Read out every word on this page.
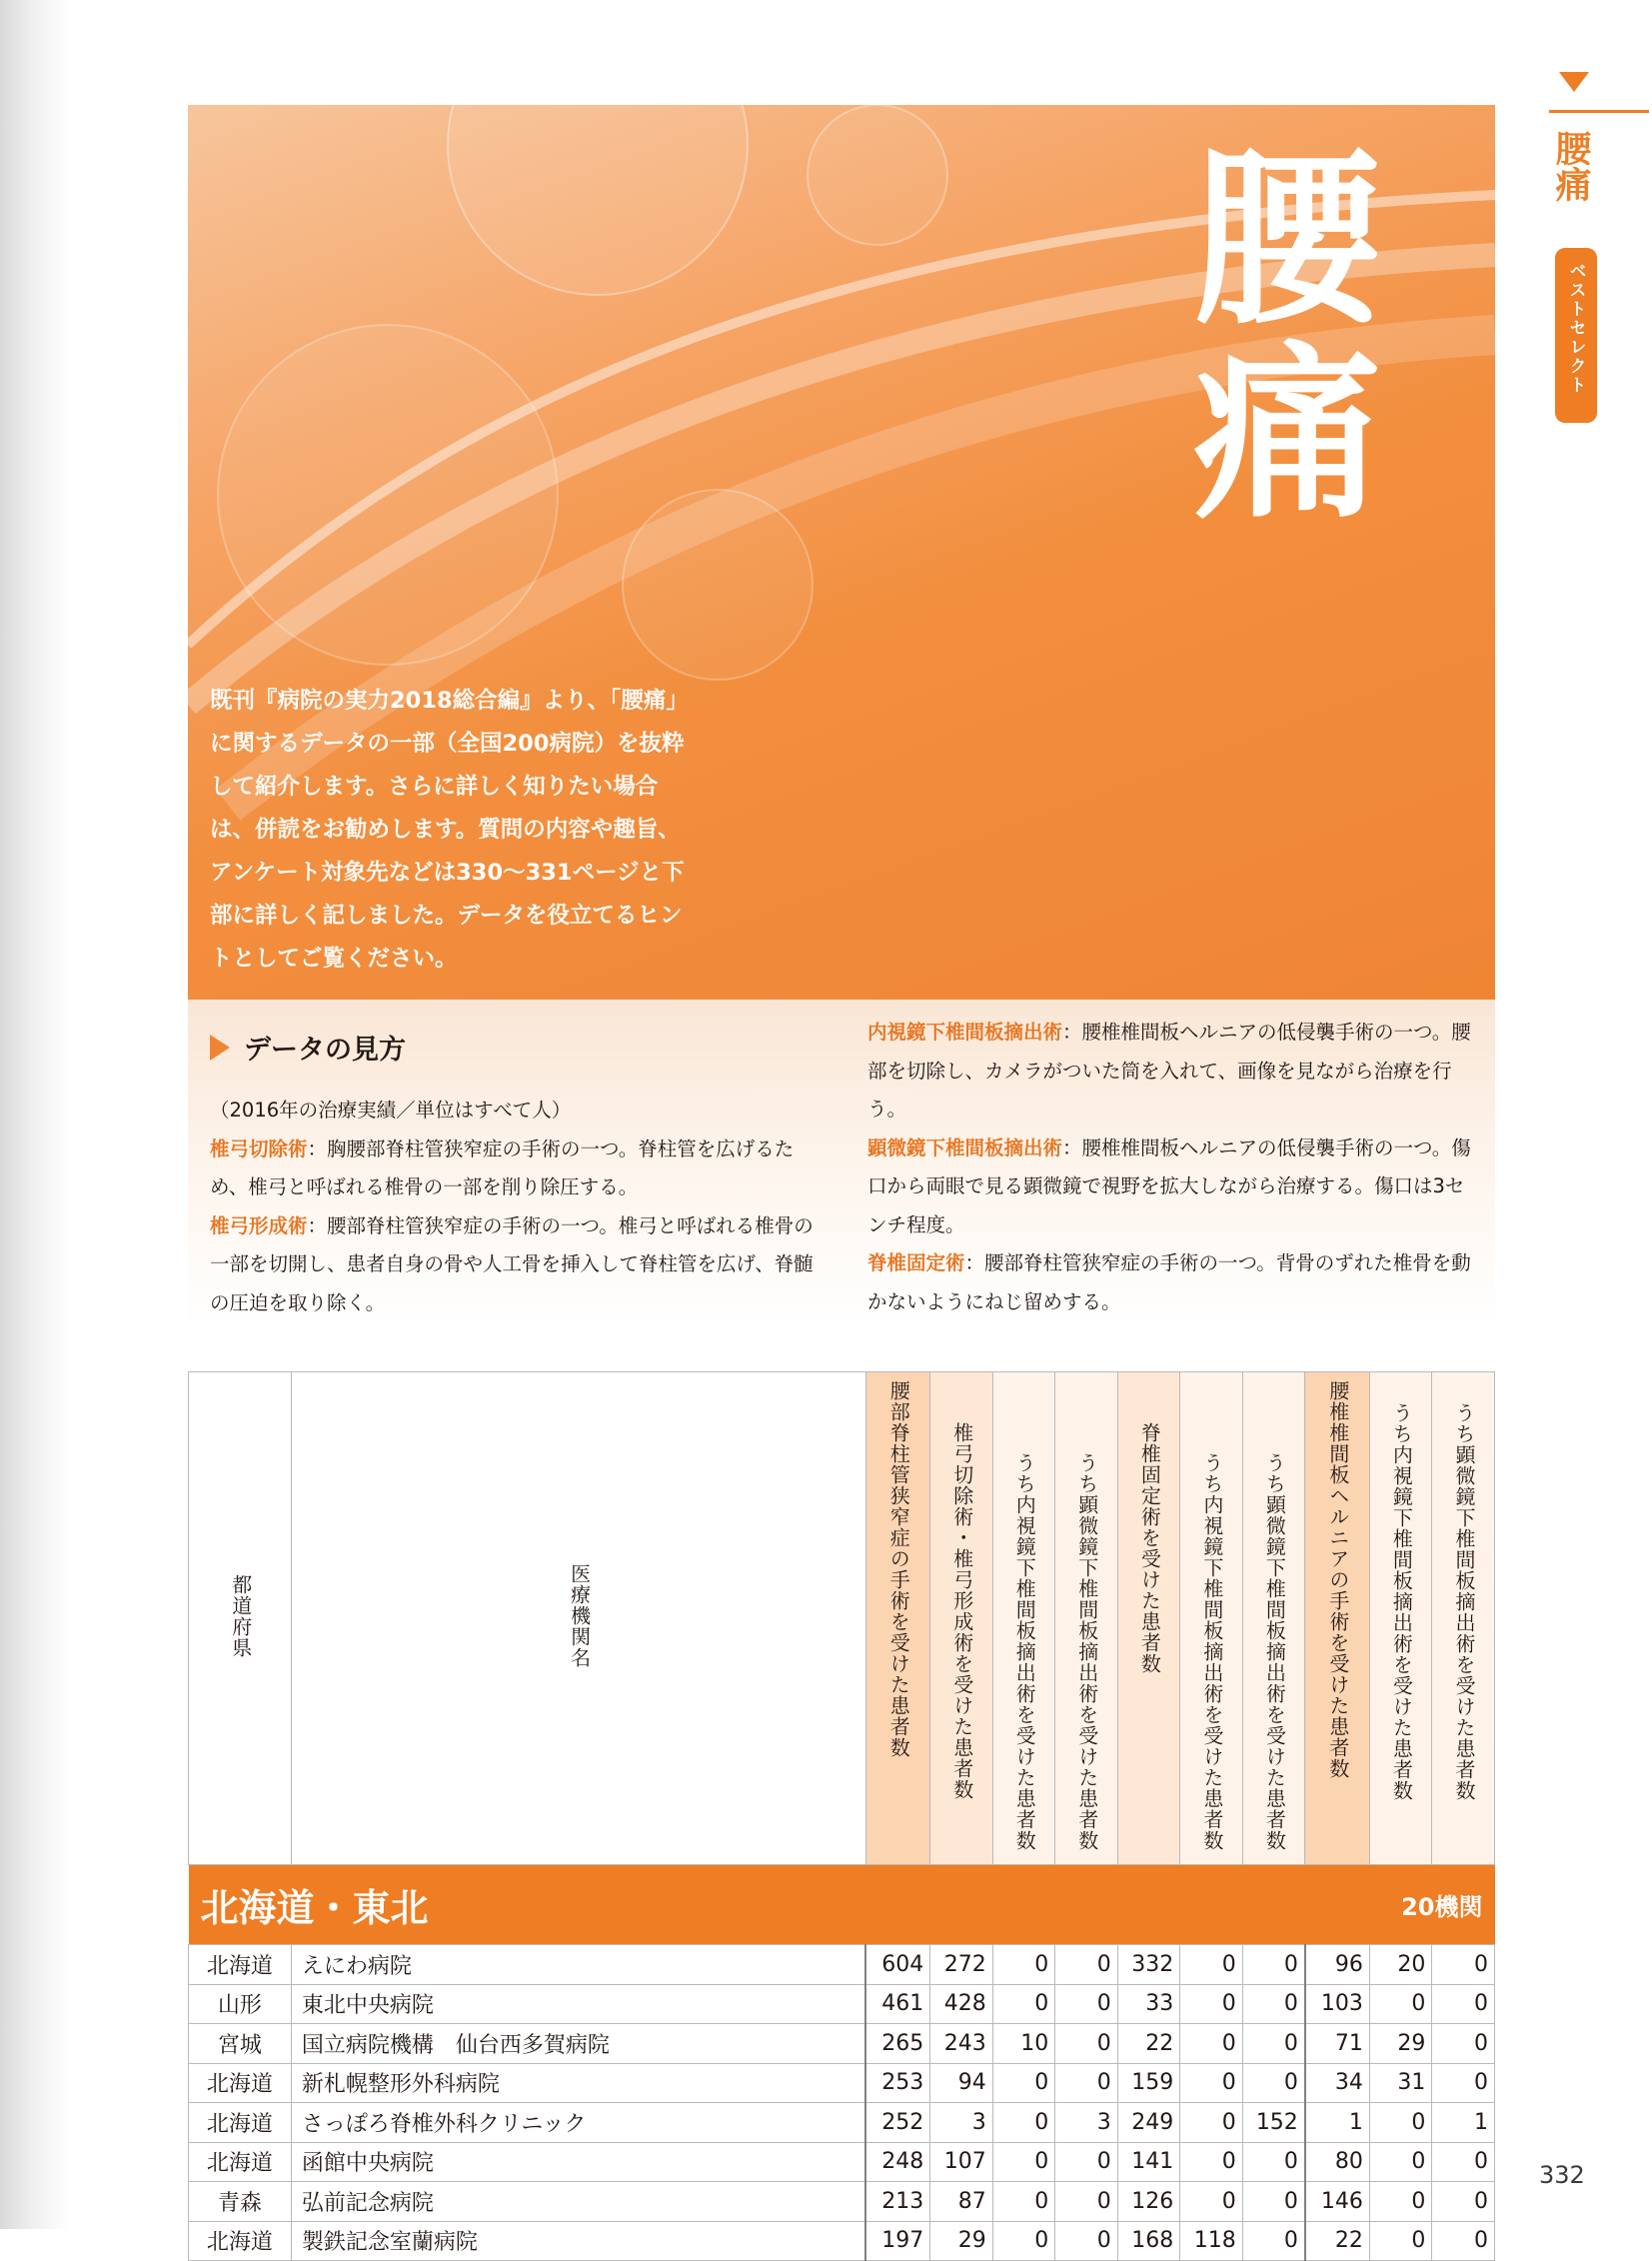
腰痛

既刊『病院の実力2018総合編』より、「腰痛」に関するデータの一部（全国200病院）を抜粋して紹介します。さらに詳しく知りたい場合は、併読をお勧めします。質問の内容や趣旨、アンケート対象先などは330〜331ページと下部に詳しく記しました。データを役立てるヒントとしてご覧ください。

データの見方
（2016年の治療実績／単位はすべて人）
椎弓切除術：胸腰部脊柱管狭窄症の手術の一つ。脊柱管を広げるため、椎弓と呼ばれる椎骨の一部を削り除圧する。
椎弓形成術：腰部脊柱管狭窄症の手術の一つ。椎弓と呼ばれる椎骨の一部を切開し、患者自身の骨や人工骨を挿入して脊柱管を広げ、脊髄の圧迫を取り除く。
内視鏡下椎間板摘出術：腰椎椎間板ヘルニアの低侵襲手術の一つ。腰部を切除し、カメラがついた筒を入れて、画像を見ながら治療を行う。
顕微鏡下椎間板摘出術：腰椎椎間板ヘルニアの低侵襲手術の一つ。傷口から両眼で見る顕微鏡で視野を拡大しながら治療する。傷口は3センチ程度。
脊椎固定術：腰部脊柱管狭窄症の手術の一つ。背骨のずれた椎骨を動かないようにねじ留めする。
都道府県	医療機関名	腰部脊柱管狭窄症の手術を受けた患者数	椎弓切除術・椎弓形成術を受けた患者数	うち内視鏡下椎間板摘出術を受けた患者数	うち顕微鏡下椎間板摘出術を受けた患者数	脊椎固定術を受けた患者数	うち内視鏡下椎間板摘出術を受けた患者数	うち顕微鏡下椎間板摘出術を受けた患者数	腰椎椎間板ヘルニアの手術を受けた患者数	うち内視鏡下椎間板摘出術を受けた患者数	うち顕微鏡下椎間板摘出術を受けた患者数
北海道・東北									20機関		
北海道	えにわ病院	604	272	0	0	332	0	0	96	20	0
山形	東北中央病院	461	428	0	0	33	0	0	103	0	0
宮城	国立病院機構　仙台西多賀病院	265	243	10	0	22	0	0	71	29	0
北海道	新札幌整形外科病院	253	94	0	0	159	0	0	34	31	0
北海道	さっぽろ脊椎外科クリニック	252	3	0	3	249	0	152	1	0	1
北海道	函館中央病院	248	107	0	0	141	0	0	80	0	0
青森	弘前記念病院	213	87	0	0	126	0	0	146	0	0
北海道	製鉄記念室蘭病院	197	29	0	0	168	118	0	22	0	0
腰痛
ベストセレクト
332
